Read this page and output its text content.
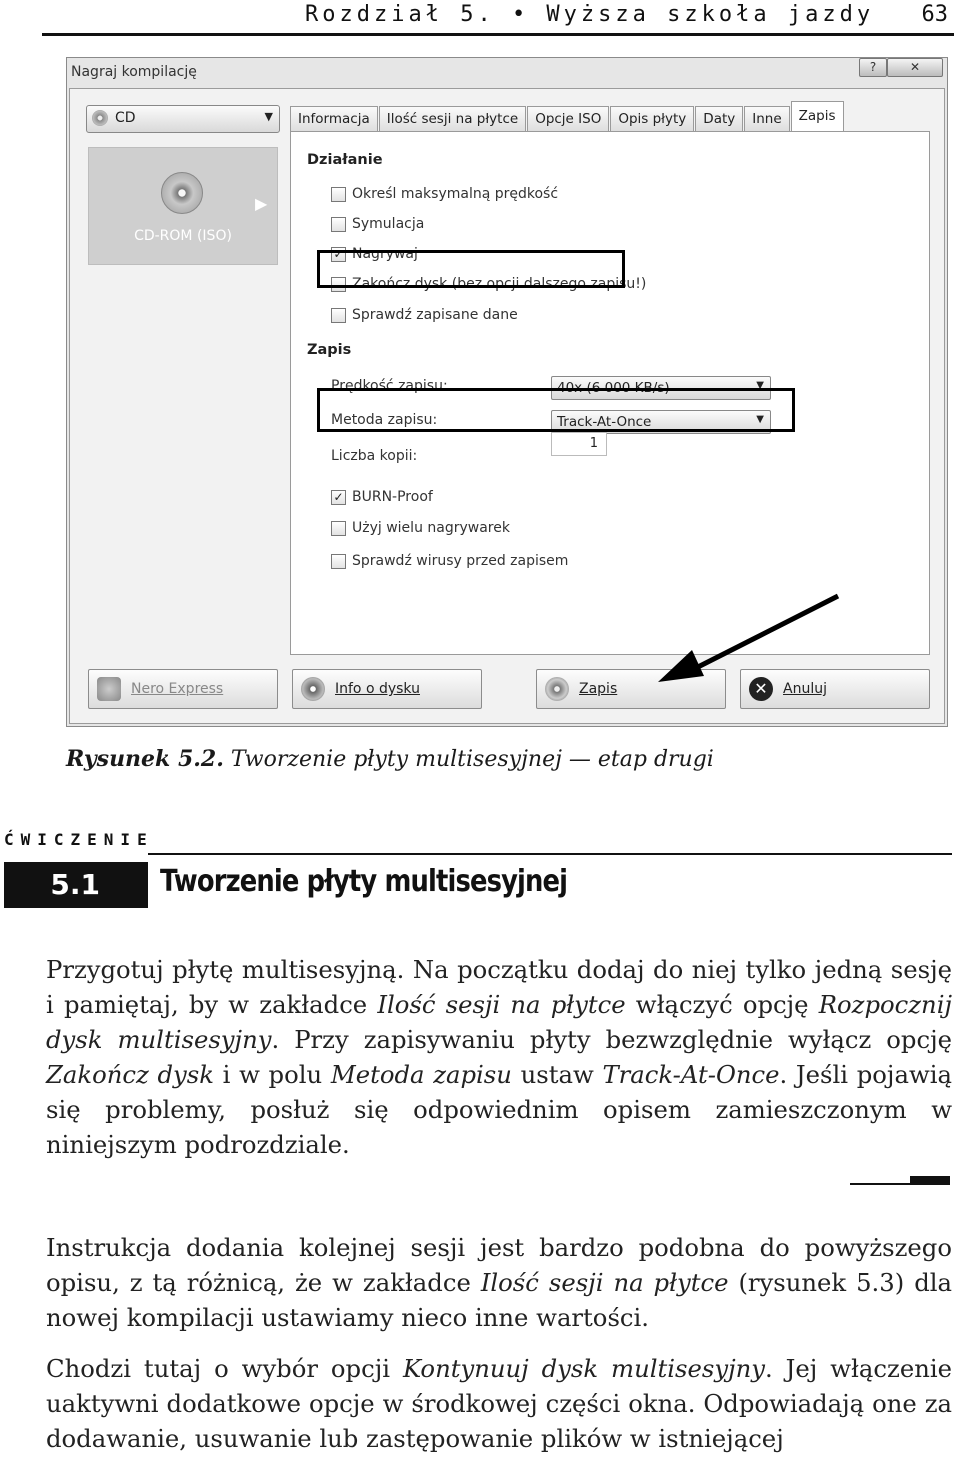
Rozdział 5. • Wyższa szkoła jazdy 63
Nagraj kompilację	?	✕
CD	▼
▶
CD-ROM (ISO)
Informacja	Ilość sesji na płytce	Opcje ISO	Opis płyty	Daty	Inne	Zapis
Działanie
Określ maksymalną prędkość
Symulacja
✓ Nagrywaj
Zakończ dysk (bez opcji dalszego zapisu!)
Sprawdź zapisane dane
Zapis
Prędkość zapisu:	40x (6 000 KB/s)	▼
Metoda zapisu:	Track-At-Once	▼
Liczba kopii:
1
✓ BURN-Proof
Użyj wielu nagrywarek
Sprawdź wirusy przed zapisem
Nero Express	Info o dysku	Zapis	✕	Anuluj
Rysunek 5.2. Tworzenie płyty multisesyjnej — etap drugi
ĆWICZENIE
5.1	Tworzenie płyty multisesyjnej
Przygotuj płytę multisesyjną. Na początku dodaj do niej tylko jedną sesję i pamiętaj, by w zakładce Ilość sesji na płytce włączyć opcję Rozpocznij dysk multisesyjny. Przy zapisywaniu płyty bezwzględnie wyłącz opcję Zakończ dysk i w polu Metoda zapisu ustaw Track-At-Once. Jeśli pojawią się problemy, posłuż się odpowiednim opisem zamieszczonym w niniejszym podrozdziale.
Instrukcja dodania kolejnej sesji jest bardzo podobna do powyższego opisu, z tą różnicą, że w zakładce Ilość sesji na płytce (rysunek 5.3) dla nowej kompilacji ustawiamy nieco inne wartości.
Chodzi tutaj o wybór opcji Kontynuuj dysk multisesyjny. Jej włączenie uaktywni dodatkowe opcje w środkowej części okna. Odpowiadają one za dodawanie, usuwanie lub zastępowanie plików w istniejącej
